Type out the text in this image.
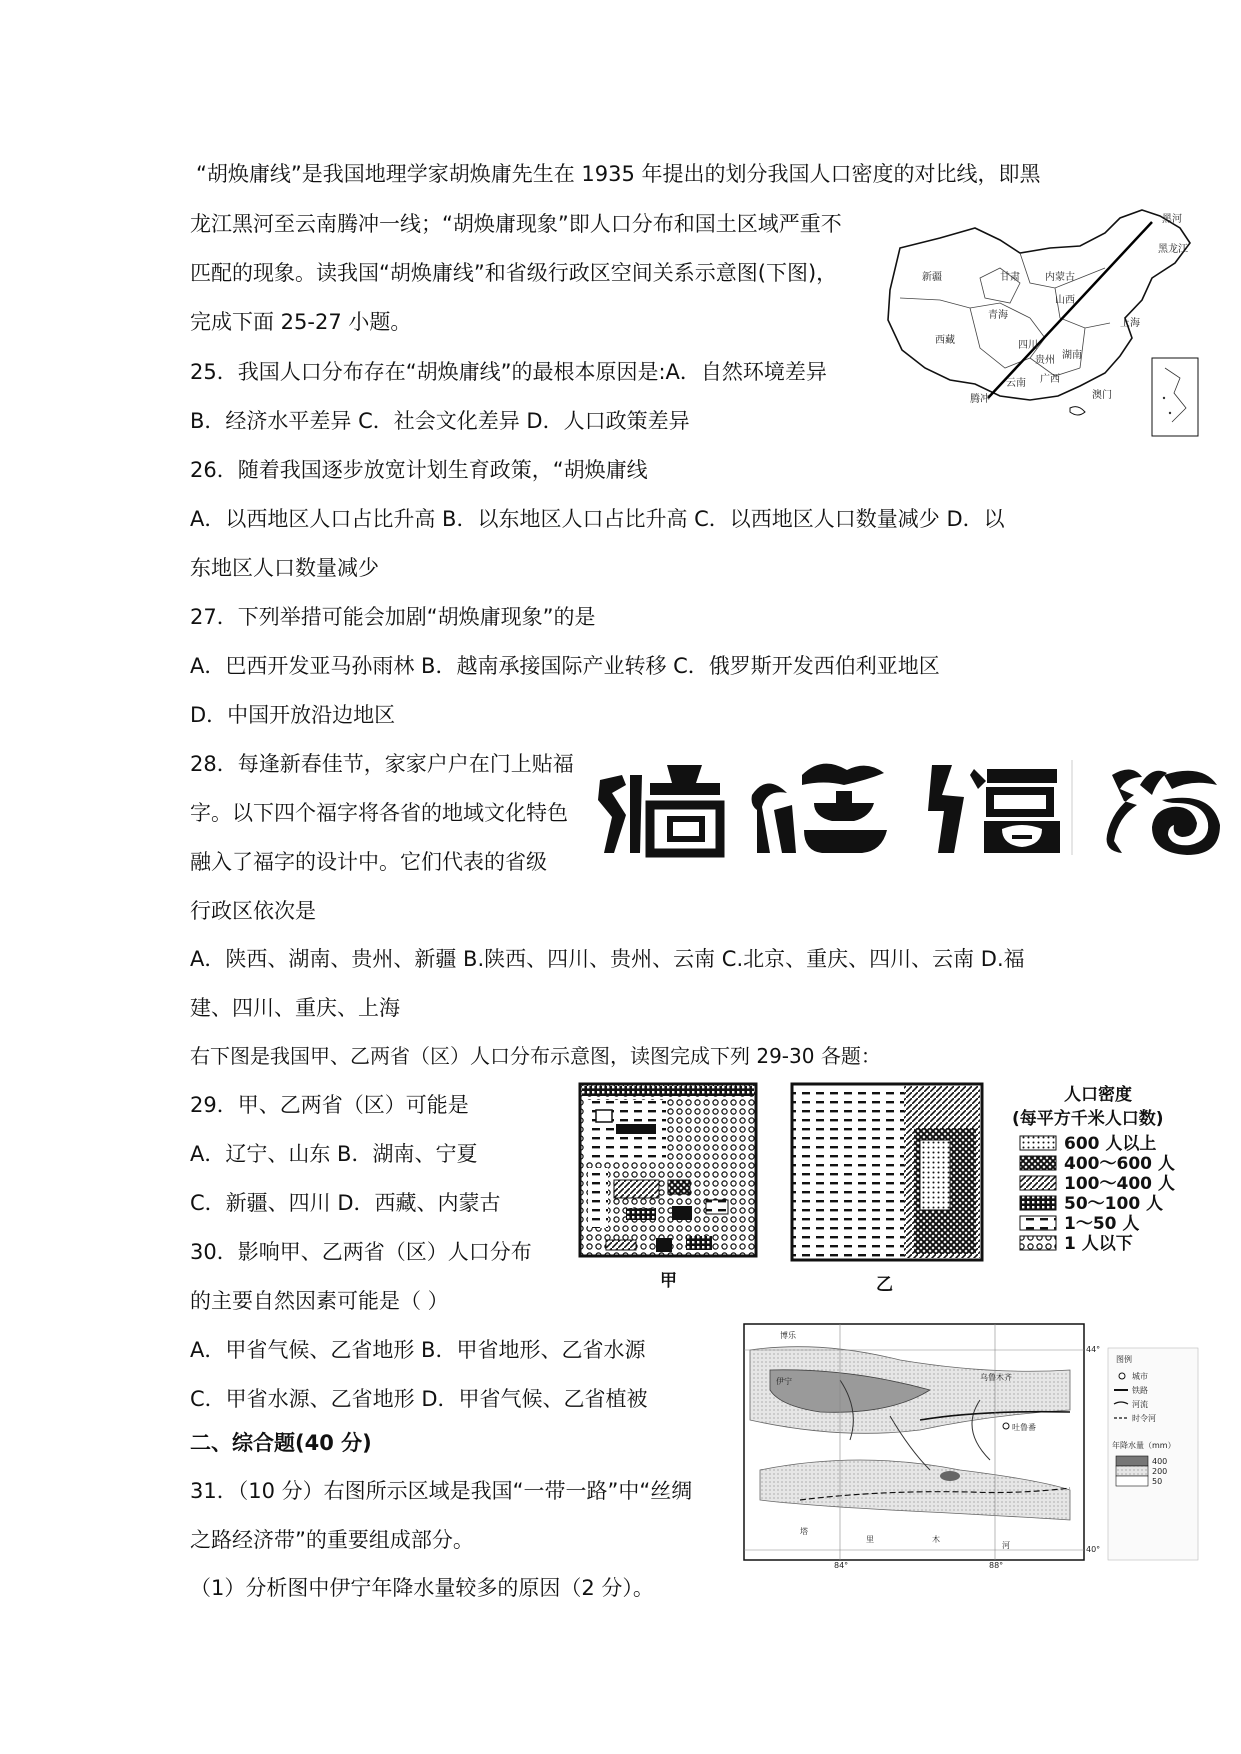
“胡焕庸线”是我国地理学家胡焕庸先生在 1935 年提出的划分我国人口密度的对比线，即黑
龙江黑河至云南腾冲一线；“胡焕庸现象”即人口分布和国土区域严重不
匹配的现象。读我国“胡焕庸线”和省级行政区空间关系示意图(下图)，
完成下面 25-27 小题。
25．我国人口分布存在“胡焕庸线”的最根本原因是:A．自然环境差异
B．经济水平差异 C．社会文化差异 D．人口政策差异
26．随着我国逐步放宽计划生育政策，“胡焕庸线
A．以西地区人口占比升高 B．以东地区人口占比升高 C．以西地区人口数量减少 D．以
东地区人口数量减少
27．下列举措可能会加剧“胡焕庸现象”的是
A．巴西开发亚马孙雨林 B．越南承接国际产业转移 C．俄罗斯开发西伯利亚地区
D．中国开放沿边地区
28．每逢新春佳节，家家户户在门上贴福
字。以下四个福字将各省的地域文化特色
融入了福字的设计中。它们代表的省级
行政区依次是
A．陕西、湖南、贵州、新疆 B.陕西、四川、贵州、云南 C.北京、重庆、四川、云南 D.福
建、四川、重庆、上海
右下图是我国甲、乙两省（区）人口分布示意图，读图完成下列 29-30 各题：
29．甲、乙两省（区）可能是
A．辽宁、山东 B．湖南、宁夏
C．新疆、四川 D．西藏、内蒙古
30．影响甲、乙两省（区）人口分布
的主要自然因素可能是（ ）
A．甲省气候、乙省地形 B．甲省地形、乙省水源
C．甲省水源、乙省地形 D．甲省气候、乙省植被
二、综合题(40 分)
31．（10 分）右图所示区域是我国“一带一路”中“丝绸
之路经济带”的重要组成部分。
（1）分析图中伊宁年降水量较多的原因（2 分）。
新疆
西藏
青海
甘肃	内蒙古
黑河
黑龙江
四川
云南
腾冲
广西
贵州 湖南
上海
山西
澳门
甲	乙
人口密度
(每平方千米人口数)
600 人以上
400～600 人
100～400 人
50～100 人
1～50 人
1 人以下
44°
40°
84°	88°
博乐
伊宁
吐鲁番
乌鲁木齐
塔
里	木
河
图例
城市
铁路
河流
时令河
年降水量（mm）
400
200
50
